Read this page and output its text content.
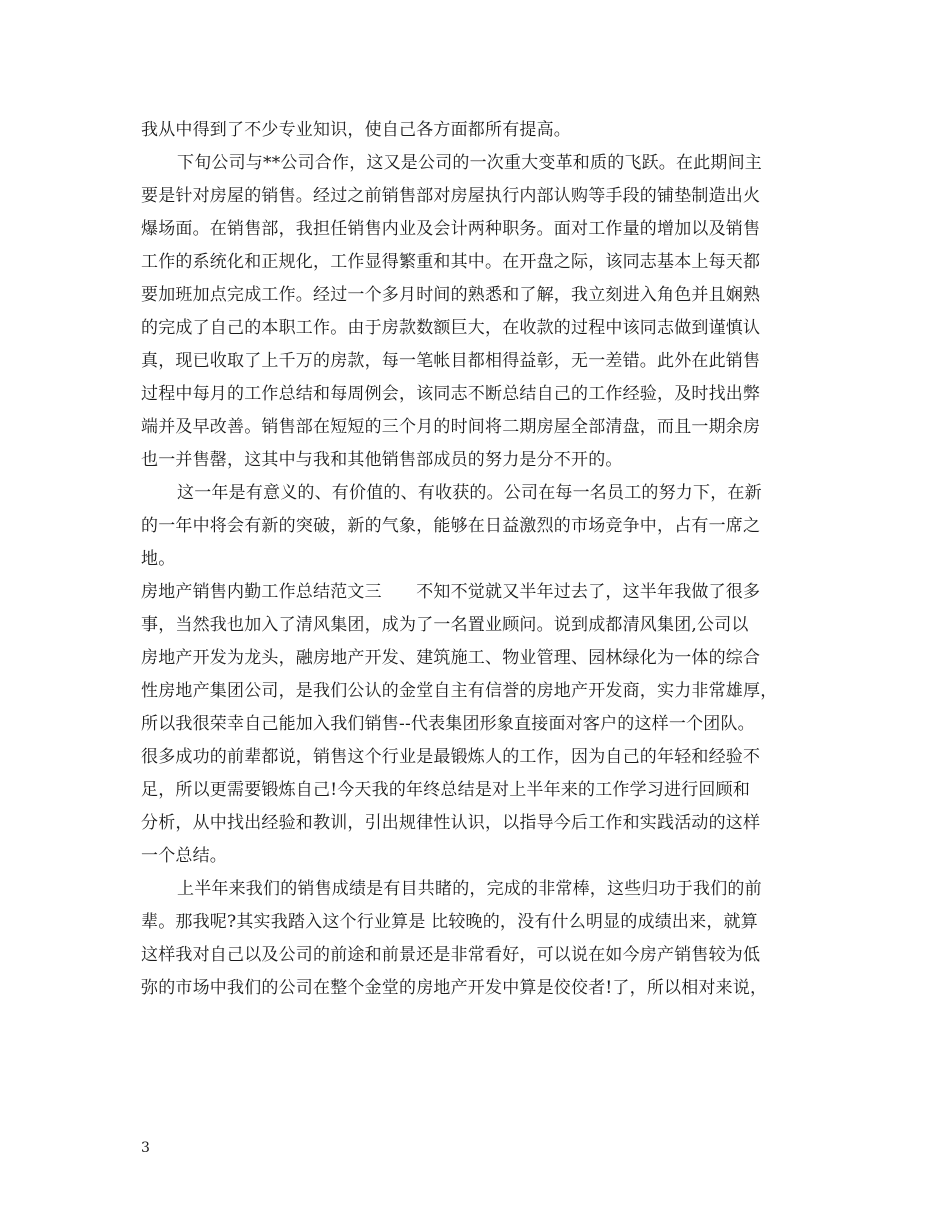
我从中得到了不少专业知识，使自己各方面都所有提高。
下旬公司与**公司合作，这又是公司的一次重大变革和质的飞跃。在此期间主
要是针对房屋的销售。经过之前销售部对房屋执行内部认购等手段的铺垫制造出火
爆场面。在销售部，我担任销售内业及会计两种职务。面对工作量的增加以及销售
工作的系统化和正规化，工作显得繁重和其中。在开盘之际，该同志基本上每天都
要加班加点完成工作。经过一个多月时间的熟悉和了解，我立刻进入角色并且娴熟
的完成了自己的本职工作。由于房款数额巨大，在收款的过程中该同志做到谨慎认
真，现已收取了上千万的房款，每一笔帐目都相得益彰，无一差错。此外在此销售
过程中每月的工作总结和每周例会，该同志不断总结自己的工作经验，及时找出弊
端并及早改善。销售部在短短的三个月的时间将二期房屋全部清盘，而且一期余房
也一并售罄，这其中与我和其他销售部成员的努力是分不开的。
这一年是有意义的、有价值的、有收获的。公司在每一名员工的努力下，在新
的一年中将会有新的突破，新的气象，能够在日益激烈的市场竞争中，占有一席之
地。
房地产销售内勤工作总结范文三　　不知不觉就又半年过去了，这半年我做了很多
事，当然我也加入了清风集团，成为了一名置业顾问。说到成都清风集团,公司以
房地产开发为龙头，融房地产开发、建筑施工、物业管理、园林绿化为一体的综合
性房地产集团公司，是我们公认的金堂自主有信誉的房地产开发商，实力非常雄厚，
所以我很荣幸自己能加入我们销售--代表集团形象直接面对客户的这样一个团队。
很多成功的前辈都说，销售这个行业是最锻炼人的工作，因为自己的年轻和经验不
足，所以更需要锻炼自己!今天我的年终总结是对上半年来的工作学习进行回顾和
分析，从中找出经验和教训，引出规律性认识，以指导今后工作和实践活动的这样
一个总结。
上半年来我们的销售成绩是有目共睹的，完成的非常棒，这些归功于我们的前
辈。那我呢?其实我踏入这个行业算是 比较晚的，没有什么明显的成绩出来，就算
这样我对自己以及公司的前途和前景还是非常看好，可以说在如今房产销售较为低
弥的市场中我们的公司在整个金堂的房地产开发中算是佼佼者!了，所以相对来说，
3
